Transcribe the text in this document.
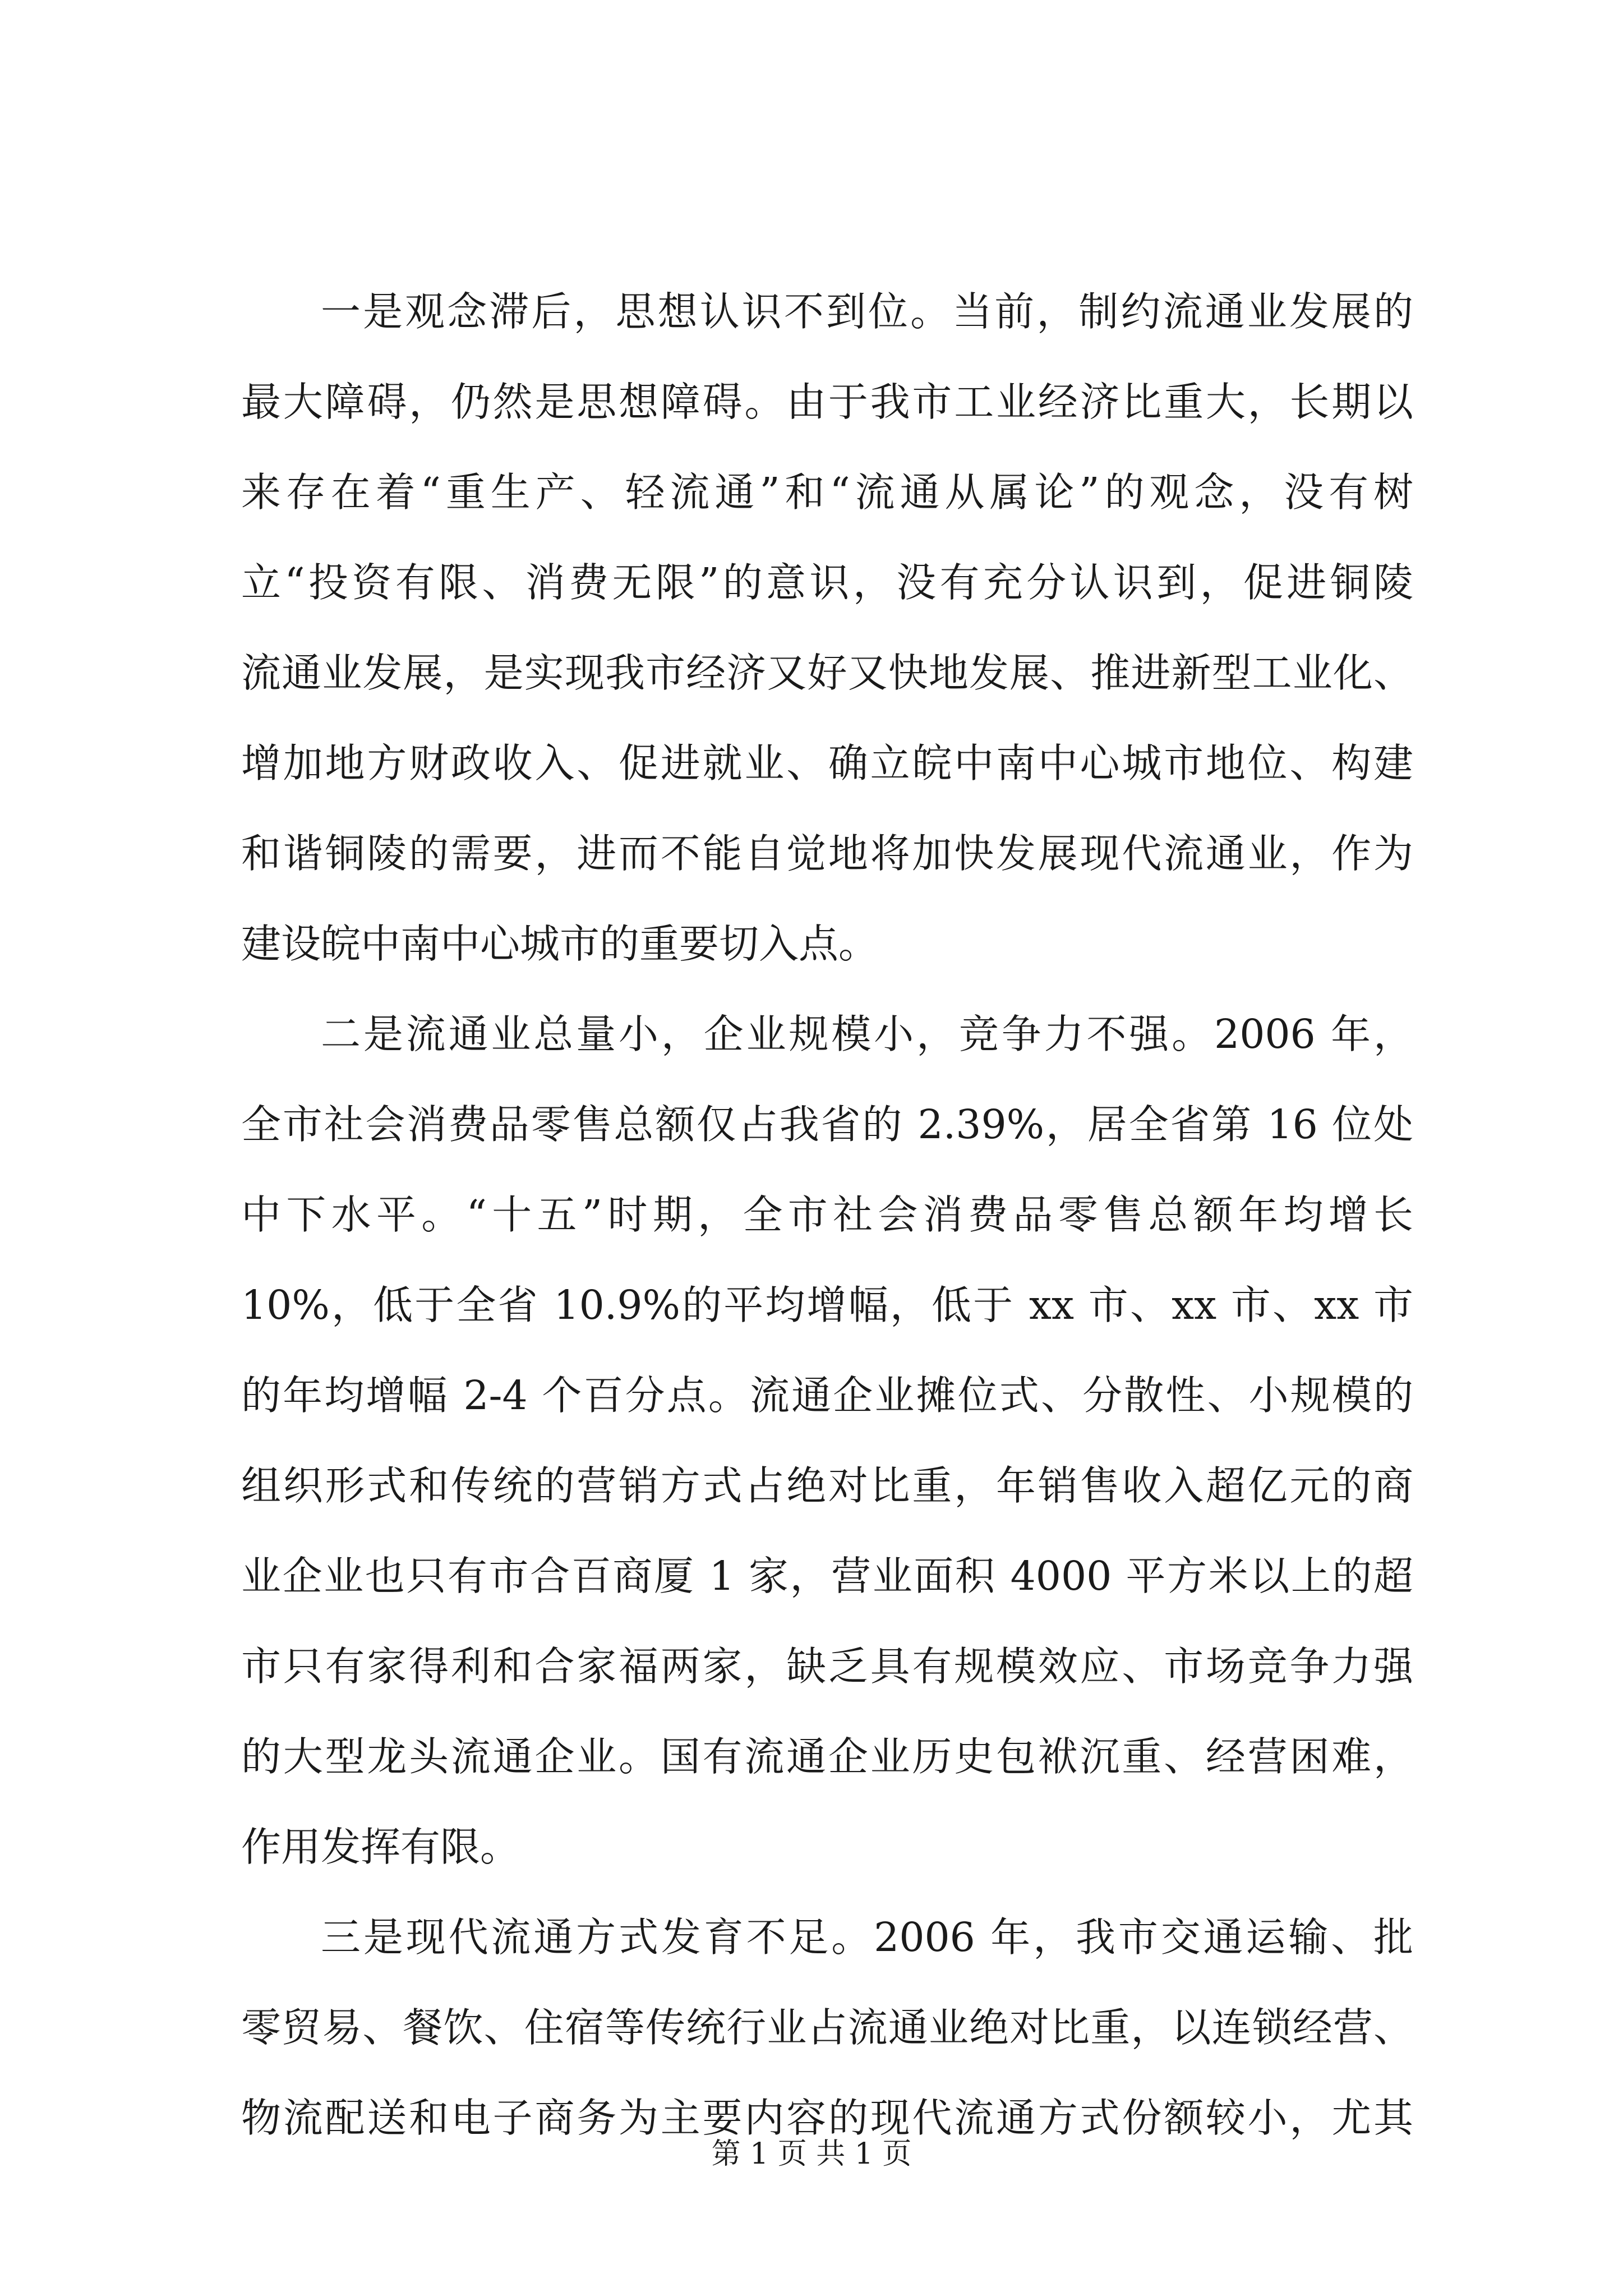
一是观念滞后，思想认识不到位。当前，制约流通业发展的
最大障碍，仍然是思想障碍。由于我市工业经济比重大，长期以
来存在着“重生产、轻流通”和“流通从属论”的观念，没有树
立“投资有限、消费无限”的意识，没有充分认识到，促进铜陵
流通业发展，是实现我市经济又好又快地发展、推进新型工业化、
增加地方财政收入、促进就业、确立皖中南中心城市地位、构建
和谐铜陵的需要，进而不能自觉地将加快发展现代流通业，作为
建设皖中南中心城市的重要切入点。
二是流通业总量小，企业规模小，竞争力不强。2006 年，
全市社会消费品零售总额仅占我省的 2.39%，居全省第 16 位处
中下水平。“十五”时期，全市社会消费品零售总额年均增长
10%，低于全省 10.9%的平均增幅，低于 xx 市、xx 市、xx 市
的年均增幅 2-4 个百分点。流通企业摊位式、分散性、小规模的
组织形式和传统的营销方式占绝对比重，年销售收入超亿元的商
业企业也只有市合百商厦 1 家，营业面积 4000 平方米以上的超
市只有家得利和合家福两家，缺乏具有规模效应、市场竞争力强
的大型龙头流通企业。国有流通企业历史包袱沉重、经营困难，
作用发挥有限。
三是现代流通方式发育不足。2006 年，我市交通运输、批
零贸易、餐饮、住宿等传统行业占流通业绝对比重，以连锁经营、
物流配送和电子商务为主要内容的现代流通方式份额较小，尤其
第 1 页 共 1 页
